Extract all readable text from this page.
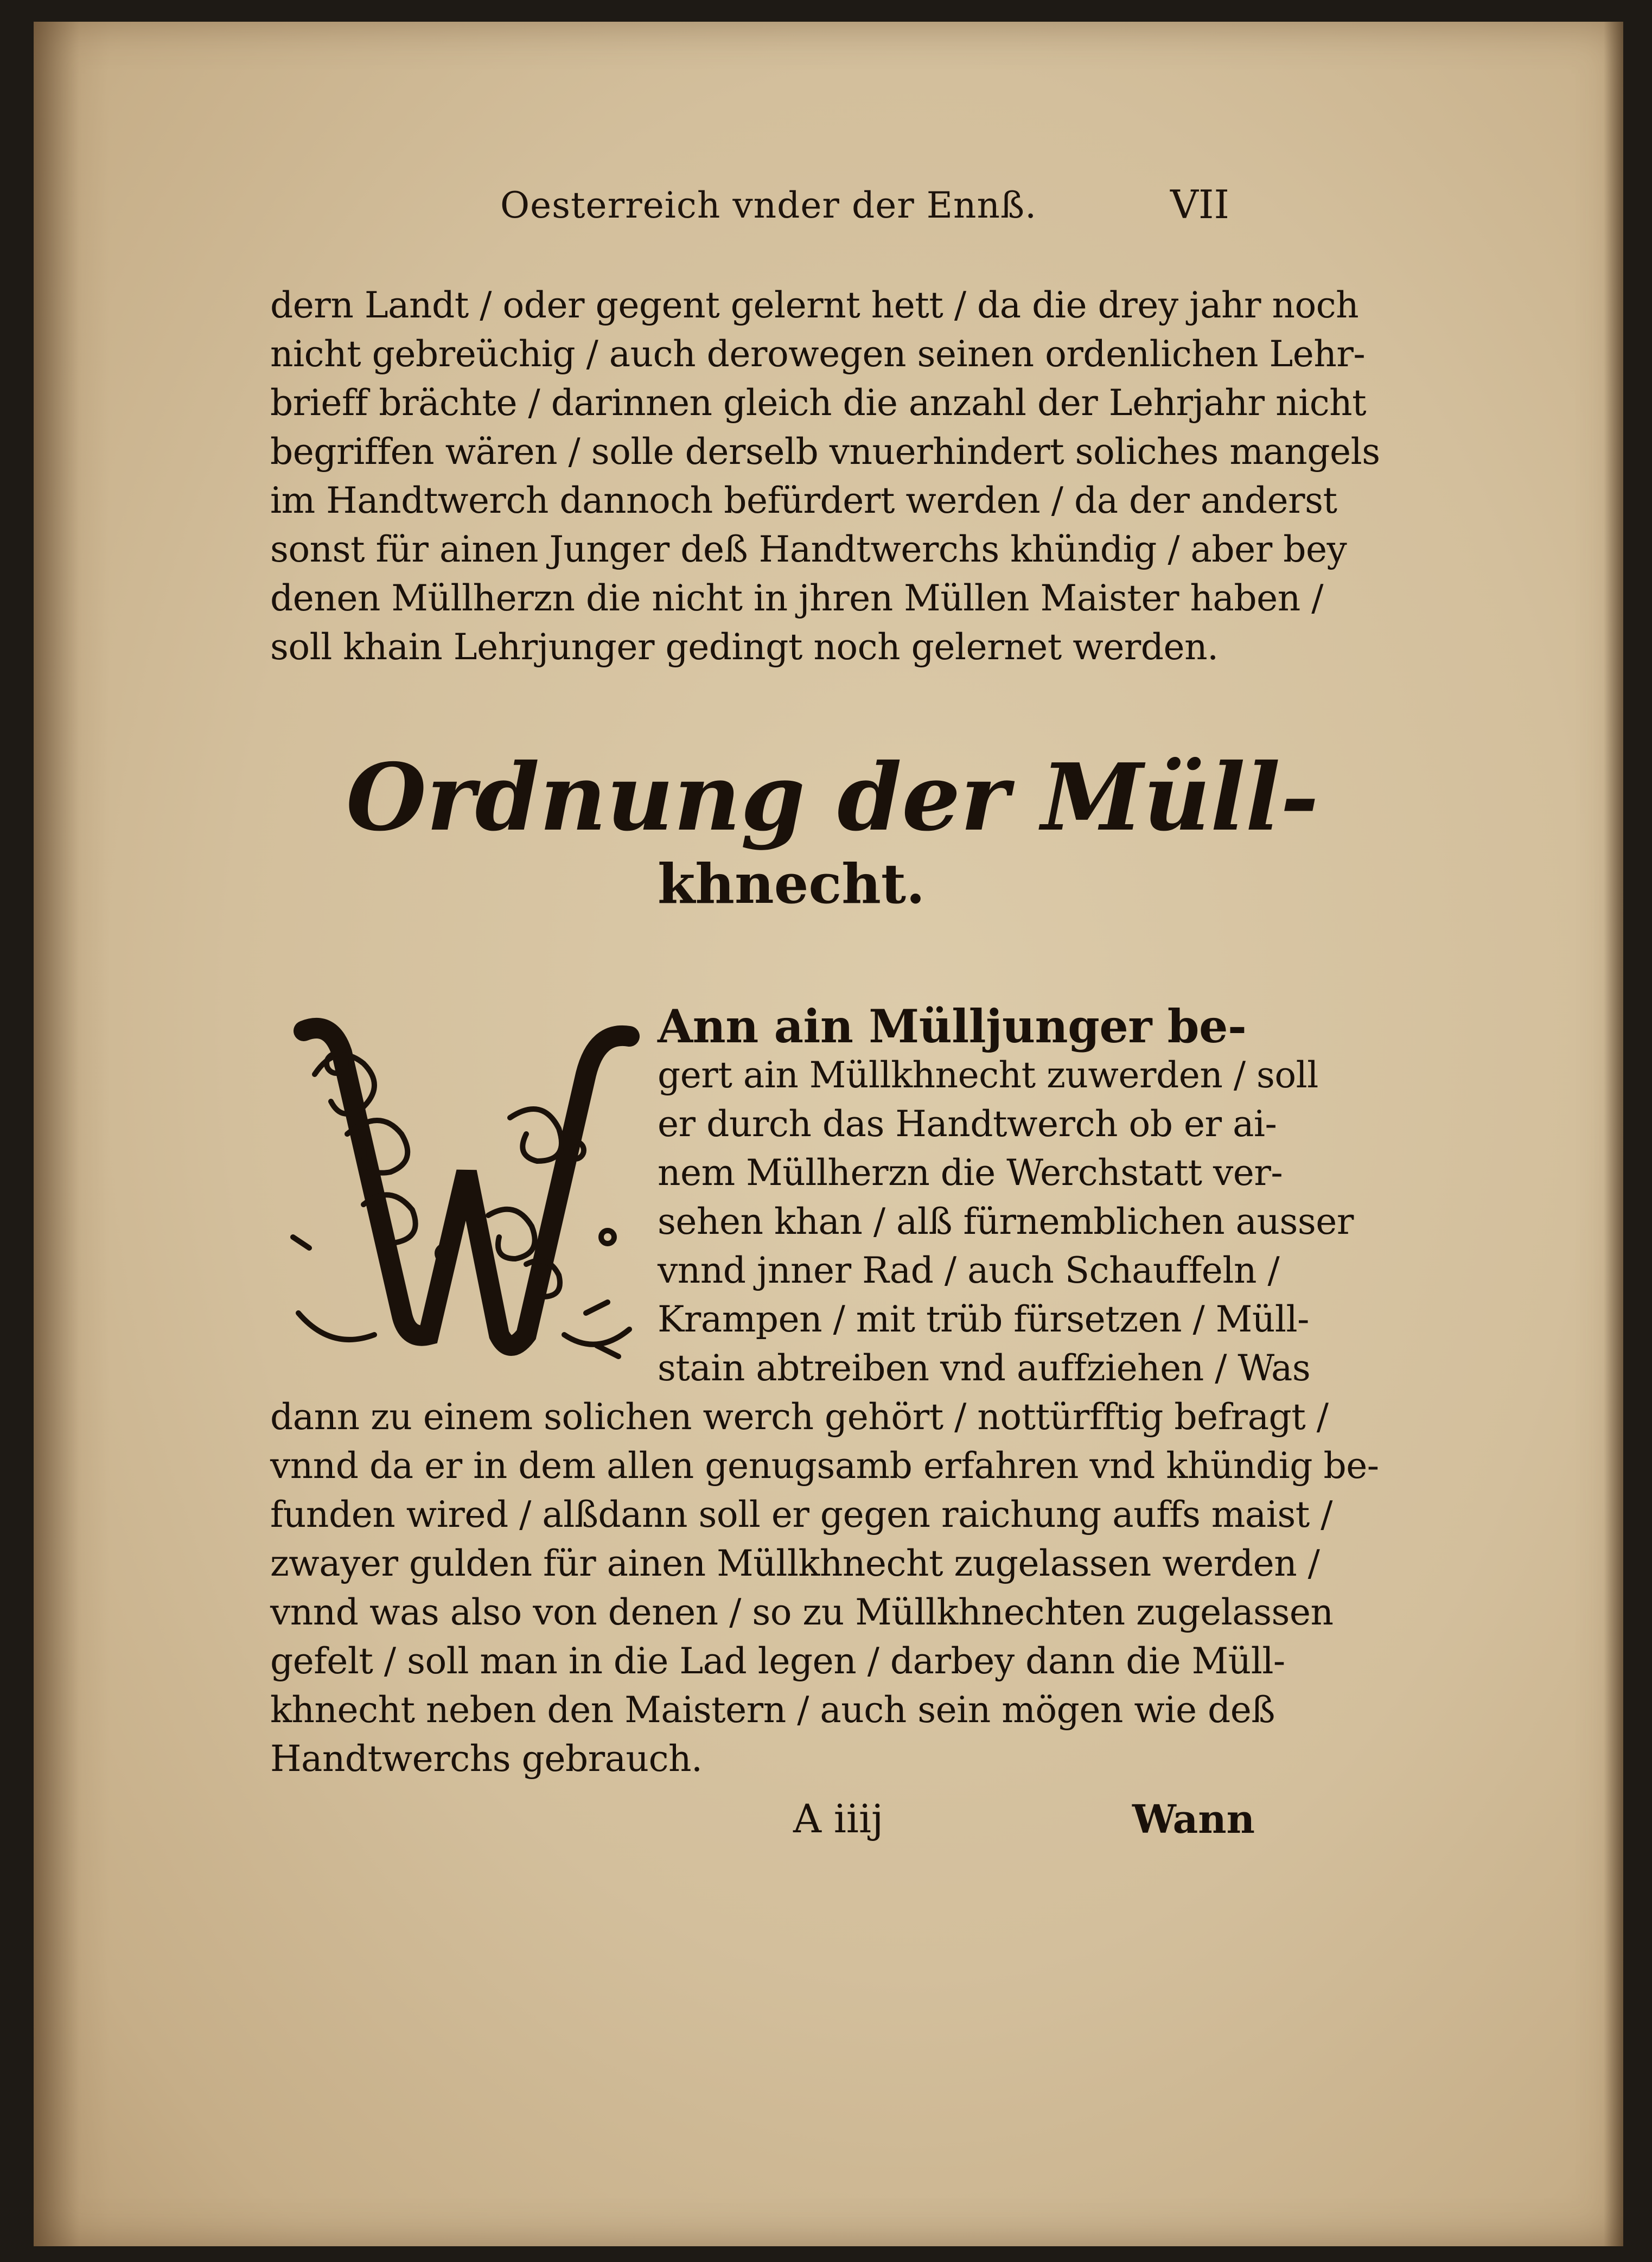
Oesterreich vnder der Ennß.	VII
dern Landt / oder gegent gelernt hett / da die drey jahr noch
nicht gebreüchig / auch derowegen seinen ordenlichen Lehr-
brieff brächte / darinnen gleich die anzahl der Lehrjahr nicht
begriffen wären / solle derselb vnuerhindert soliches mangels
im Handtwerch dannoch befürdert werden / da der anderst
sonst für ainen Junger deß Handtwerchs khündig / aber bey
denen Müllherzn die nicht in jhren Müllen Maister haben /
soll khain Lehrjunger gedingt noch gelernet werden.
Ordnung der Müll-
khnecht.
W
Ann ain Mülljunger be-
gert ain Müllkhnecht zuwerden / soll
er durch das Handtwerch ob er ai-
nem Müllherzn die Werchstatt ver-
sehen khan / alß fürnemblichen ausser
vnnd jnner Rad / auch Schauffeln /
Krampen / mit trüb fürsetzen / Müll-
stain abtreiben vnd auffziehen / Was
dann zu einem solichen werch gehört / nottürfftig befragt /
vnnd da er in dem allen genugsamb erfahren vnd khündig be-
funden wired / alßdann soll er gegen raichung auffs maist /
zwayer gulden für ainen Müllkhnecht zugelassen werden /
vnnd was also von denen / so zu Müllkhnechten zugelassen
gefelt / soll man in die Lad legen / darbey dann die Müll-
khnecht neben den Maistern / auch sein mögen wie deß
Handtwerchs gebrauch.
A iiij	Wann
